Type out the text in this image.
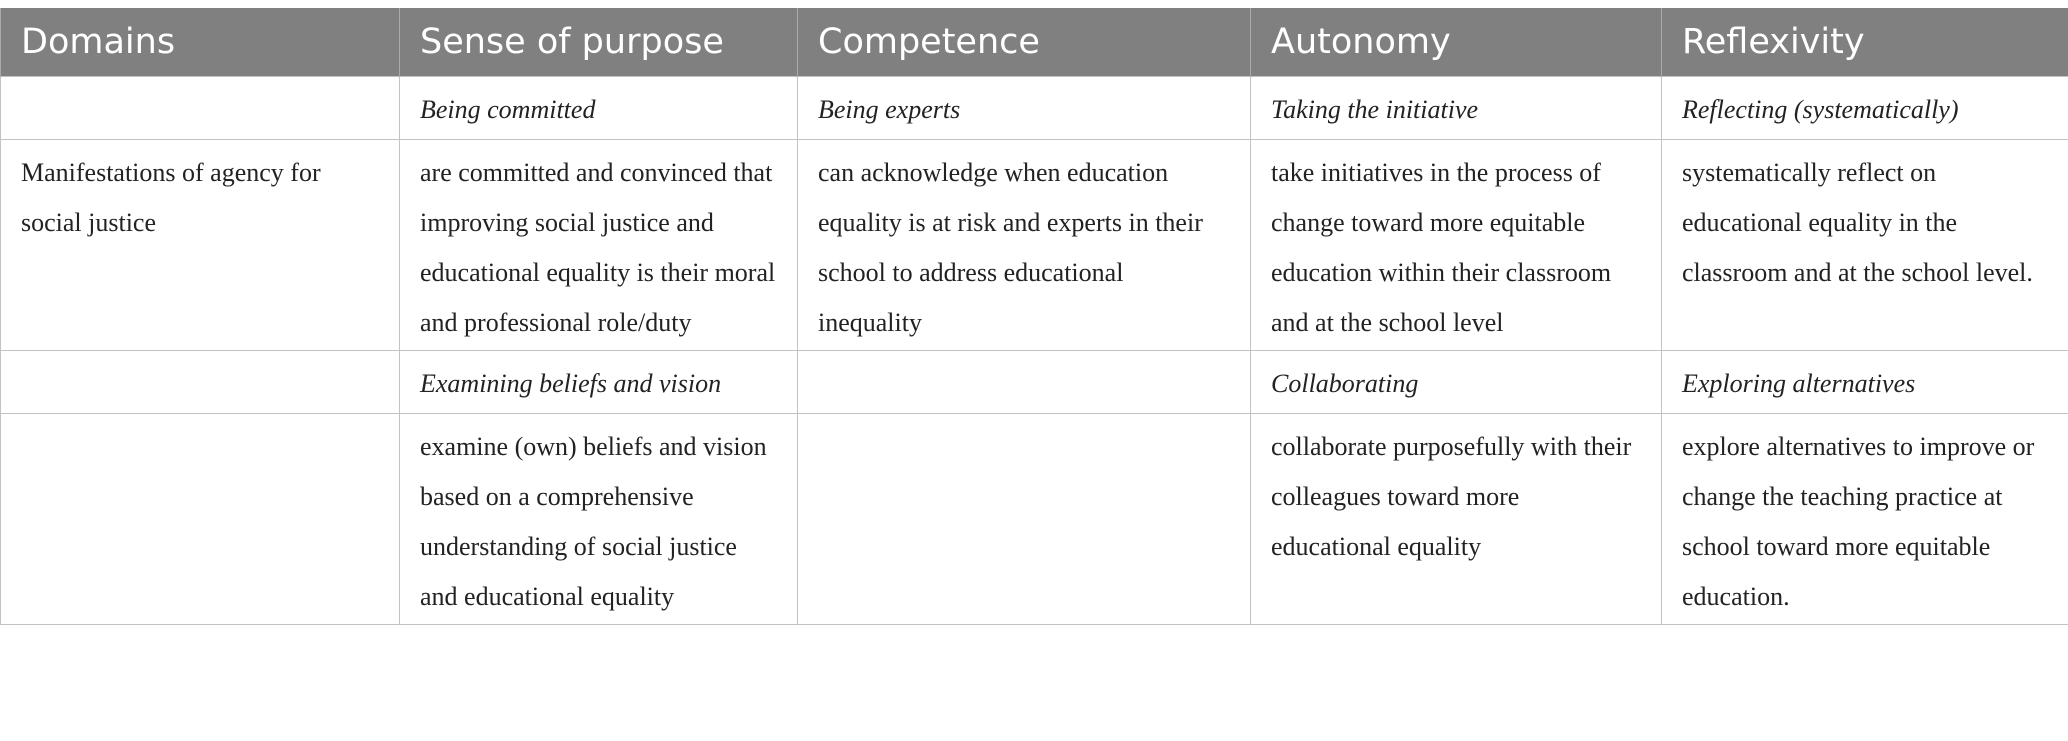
Domains	Sense of purpose	Competence	Autonomy	Reflexivity
	Being committed	Being experts	Taking the initiative	Reflecting (systematically)
Manifestations of agency for social justice	are committed and convinced that improving social justice and educational equality is their moral and professional role/duty	can acknowledge when education equality is at risk and experts in their school to address educational inequality	take initiatives in the process of change toward more equitable education within their classroom and at the school level	systematically reflect on educational equality in the classroom and at the school level.
	Examining beliefs and vision		Collaborating	Exploring alternatives
	examine (own) beliefs and vision based on a comprehensive understanding of social justice and educational equality		collaborate purposefully with their colleagues toward more educational equality	explore alternatives to improve or change the teaching practice at school toward more equitable education.
